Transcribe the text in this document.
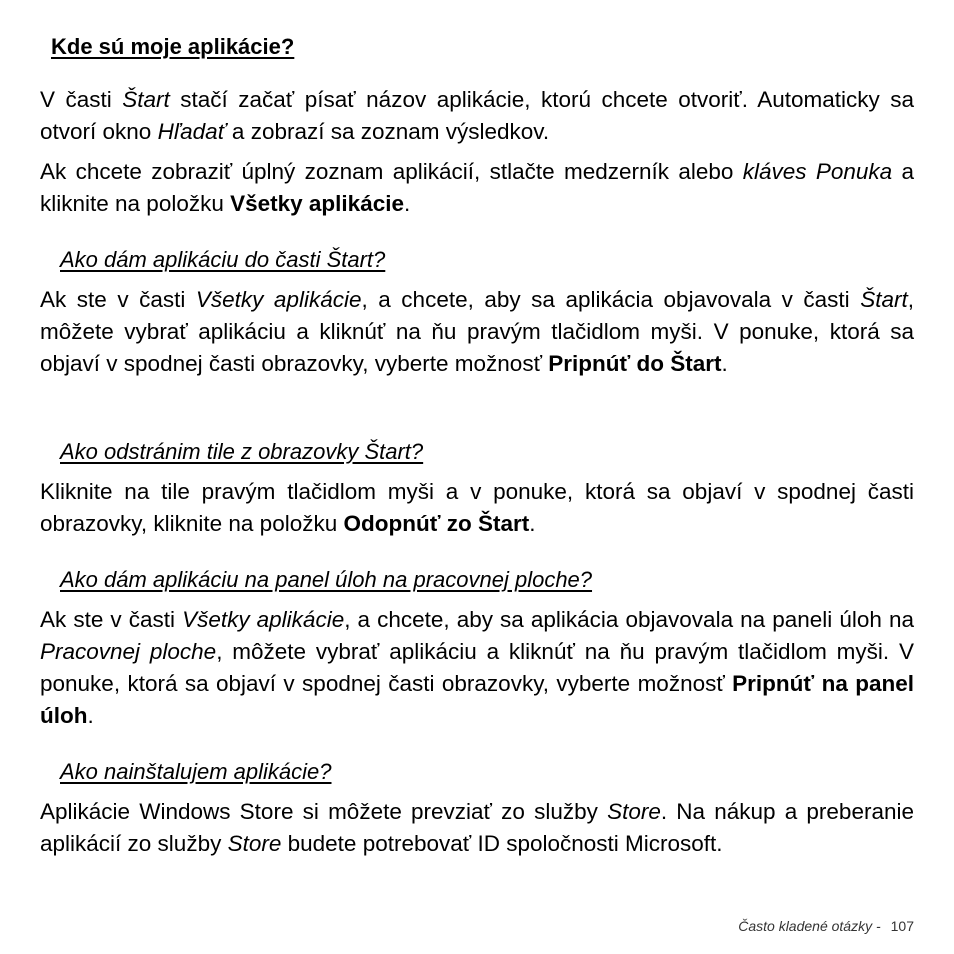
Kde sú moje aplikácie?

V časti Štart stačí začať písať názov aplikácie, ktorú chcete otvoriť. Automaticky sa otvorí okno Hľadať a zobrazí sa zoznam výsledkov.

Ak chcete zobraziť úplný zoznam aplikácií, stlačte medzerník alebo kláves Ponuka a kliknite na položku Všetky aplikácie.

Ako dám aplikáciu do časti Štart?

Ak ste v časti Všetky aplikácie, a chcete, aby sa aplikácia objavovala v časti Štart, môžete vybrať aplikáciu a kliknúť na ňu pravým tlačidlom myši. V ponuke, ktorá sa objaví v spodnej časti obrazovky, vyberte možnosť Pripnúť do Štart.

Ako odstránim tile z obrazovky Štart?

Kliknite na tile pravým tlačidlom myši a v ponuke, ktorá sa objaví v spodnej časti obrazovky, kliknite na položku Odopnúť zo Štart.

Ako dám aplikáciu na panel úloh na pracovnej ploche?

Ak ste v časti Všetky aplikácie, a chcete, aby sa aplikácia objavovala na paneli úloh na Pracovnej ploche, môžete vybrať aplikáciu a kliknúť na ňu pravým tlačidlom myši. V ponuke, ktorá sa objaví v spodnej časti obrazovky, vyberte možnosť Pripnúť na panel úloh.

Ako nainštalujem aplikácie?

Aplikácie Windows Store si môžete prevziať zo služby Store. Na nákup a preberanie aplikácií zo služby Store budete potrebovať ID spoločnosti Microsoft.

Často kladené otázky - 107
